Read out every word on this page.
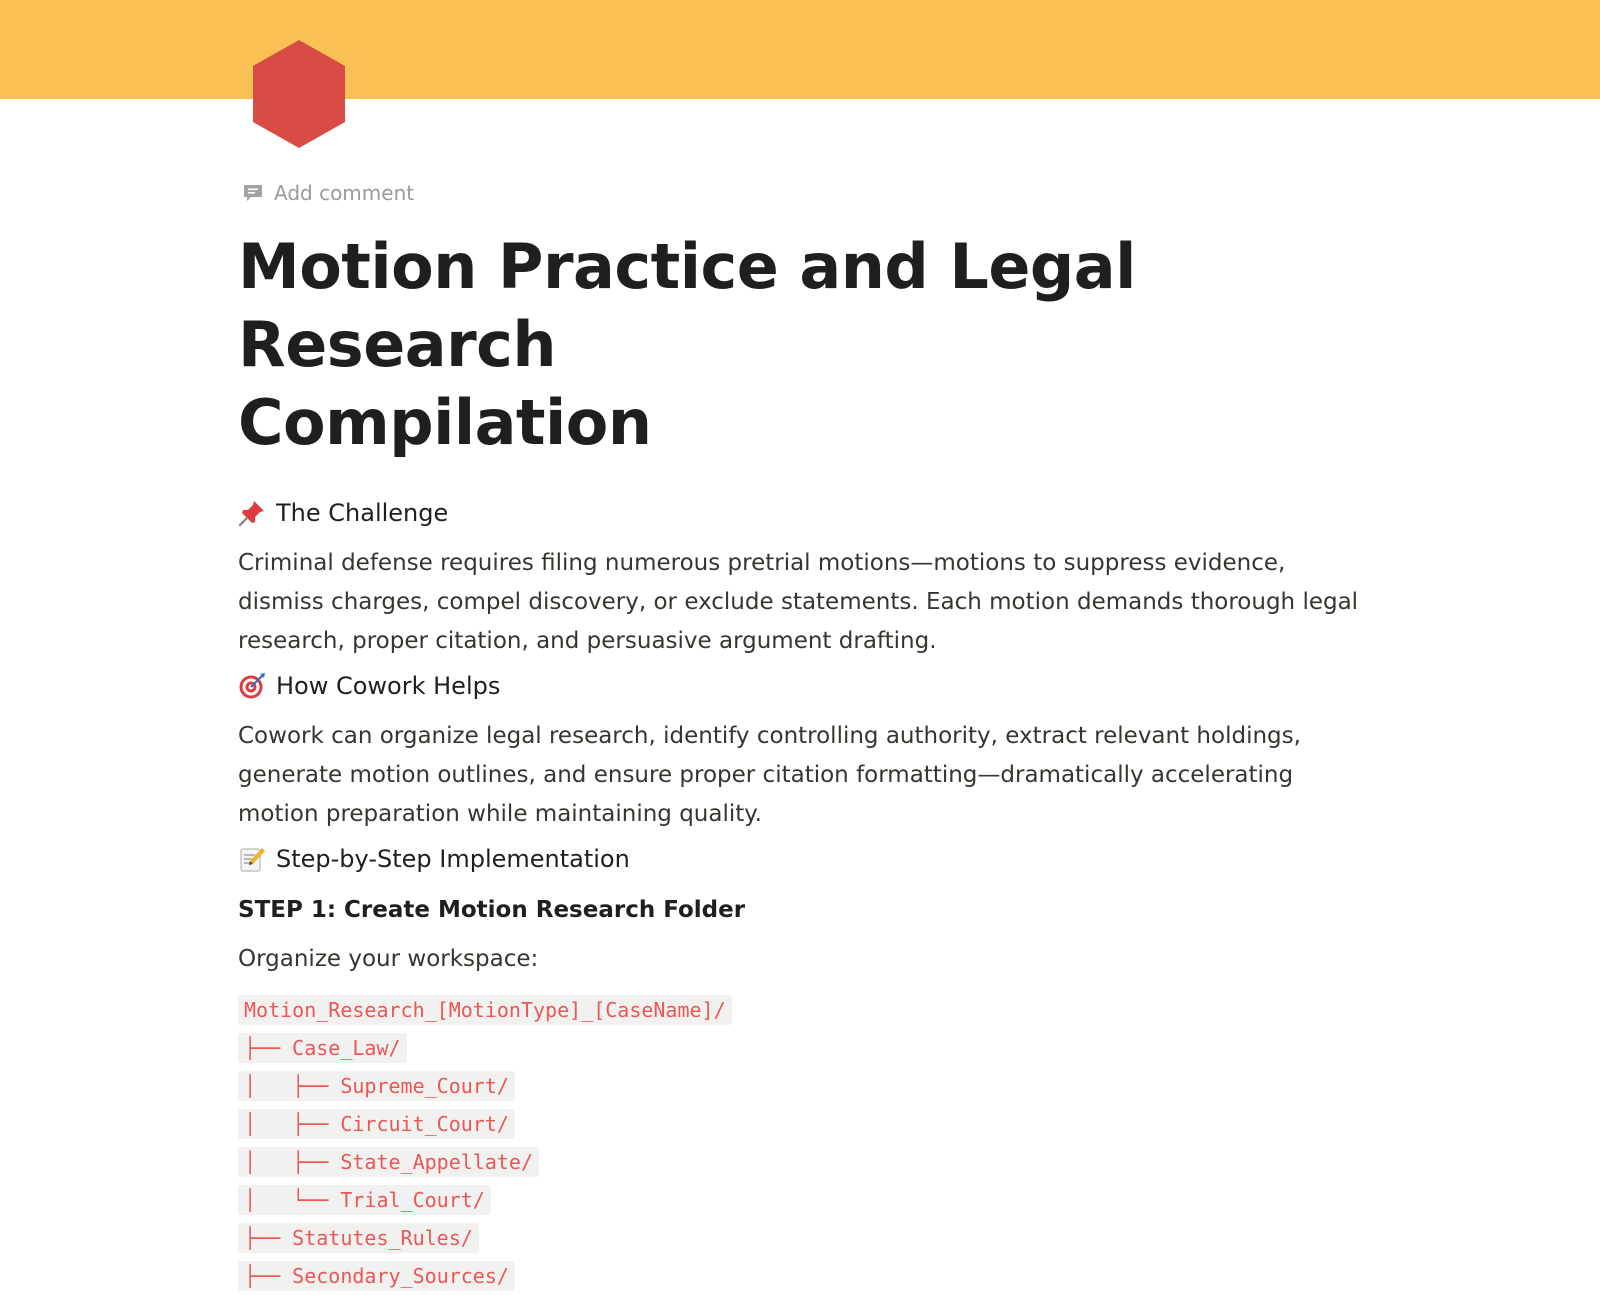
Add comment
Motion Practice and Legal Research
Compilation
The Challenge

Criminal defense requires filing numerous pretrial motions—motions to suppress evidence, dismiss charges, compel discovery, or exclude statements. Each motion demands thorough legal research, proper citation, and persuasive argument drafting.

How Cowork Helps

Cowork can organize legal research, identify controlling authority, extract relevant holdings, generate motion outlines, and ensure proper citation formatting—dramatically accelerating motion preparation while maintaining quality.

Step-by-Step Implementation
STEP 1: Create Motion Research Folder

Organize your workspace:

Motion_Research_[MotionType]_[CaseName]/
├── Case_Law/
│   ├── Supreme_Court/
│   ├── Circuit_Court/
│   ├── State_Appellate/
│   └── Trial_Court/
├── Statutes_Rules/
├── Secondary_Sources/
